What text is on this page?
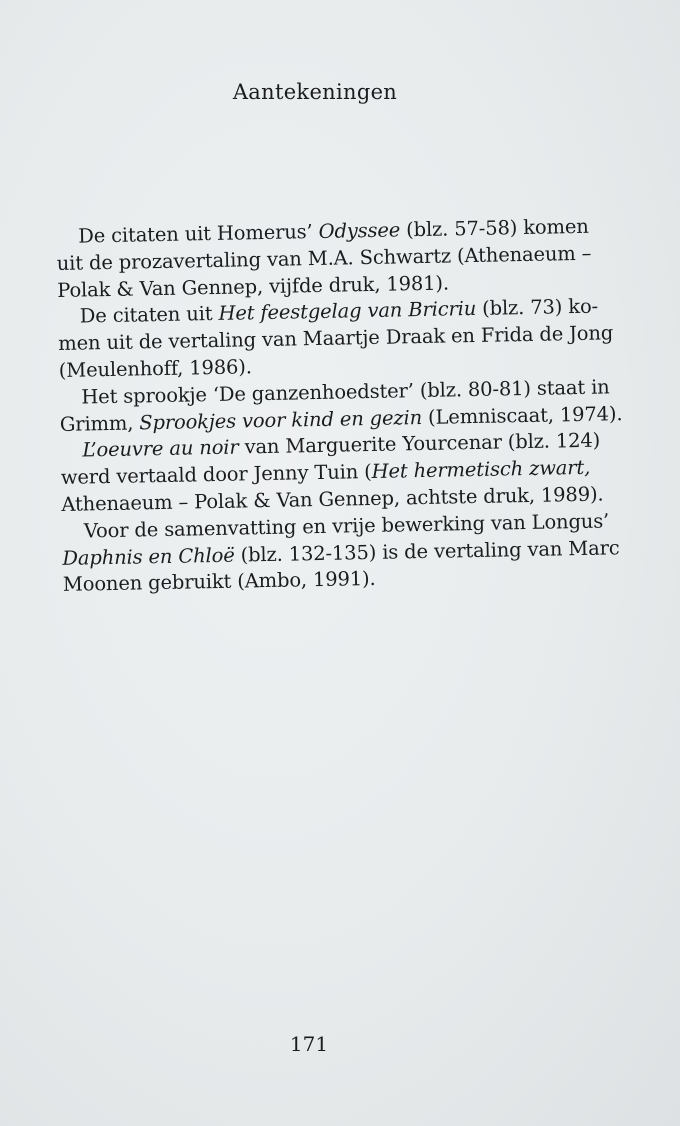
Aantekeningen
De citaten uit Homerus’ Odyssee (blz. 57-58) komen
uit de prozavertaling van M.A. Schwartz (Athenaeum –
Polak & Van Gennep, vijfde druk, 1981).
De citaten uit Het feestgelag van Bricriu (blz. 73) ko-
men uit de vertaling van Maartje Draak en Frida de Jong
(Meulenhoff, 1986).
Het sprookje ‘De ganzenhoedster’ (blz. 80-81) staat in
Grimm, Sprookjes voor kind en gezin (Lemniscaat, 1974).
L’oeuvre au noir van Marguerite Yourcenar (blz. 124)
werd vertaald door Jenny Tuin (Het hermetisch zwart,
Athenaeum – Polak & Van Gennep, achtste druk, 1989).
Voor de samenvatting en vrije bewerking van Longus’
Daphnis en Chloë (blz. 132-135) is de vertaling van Marc
Moonen gebruikt (Ambo, 1991).
171
